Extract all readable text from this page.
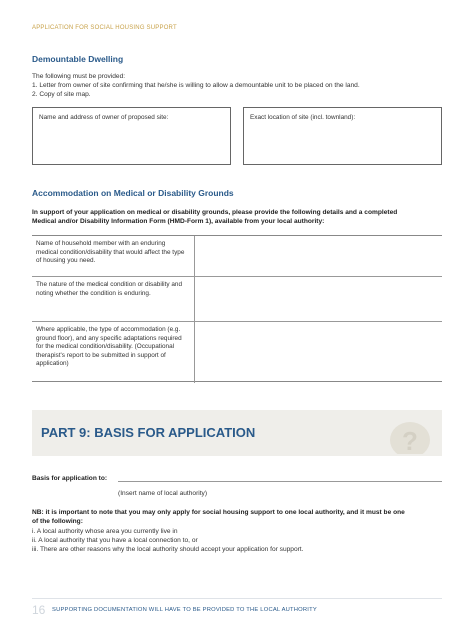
APPLICATION FOR SOCIAL HOUSING SUPPORT
Demountable Dwelling
The following must be provided:
1. Letter from owner of site confirming that he/she is willing to allow a demountable unit to be placed on the land.
2. Copy of site map.
Name and address of owner of proposed site:	Exact location of site (incl. townland):
Accommodation on Medical or Disability Grounds
In support of your application on medical or disability grounds, please provide the following details and a completed
Medical and/or Disability Information Form (HMD-Form 1), available from your local authority:
Name of household member with an enduring medical condition/disability that would affect the type of housing you need.
The nature of the medical condition or disability and noting whether the condition is enduring.
Where applicable, the type of accommodation (e.g. ground floor), and any specific adaptations required for the medical condition/disability. (Occupational therapist's report to be submitted in support of application)
PART 9: BASIS FOR APPLICATION	?
Basis for application to:
(Insert name of local authority)
NB: it is important to note that you may only apply for social housing support to one local authority, and it must be one
of the following:
i. A local authority whose area you currently live in
ii. A local authority that you have a local connection to, or
iii. There are other reasons why the local authority should accept your application for support.
16 SUPPORTING DOCUMENTATION WILL HAVE TO BE PROVIDED TO THE LOCAL AUTHORITY
